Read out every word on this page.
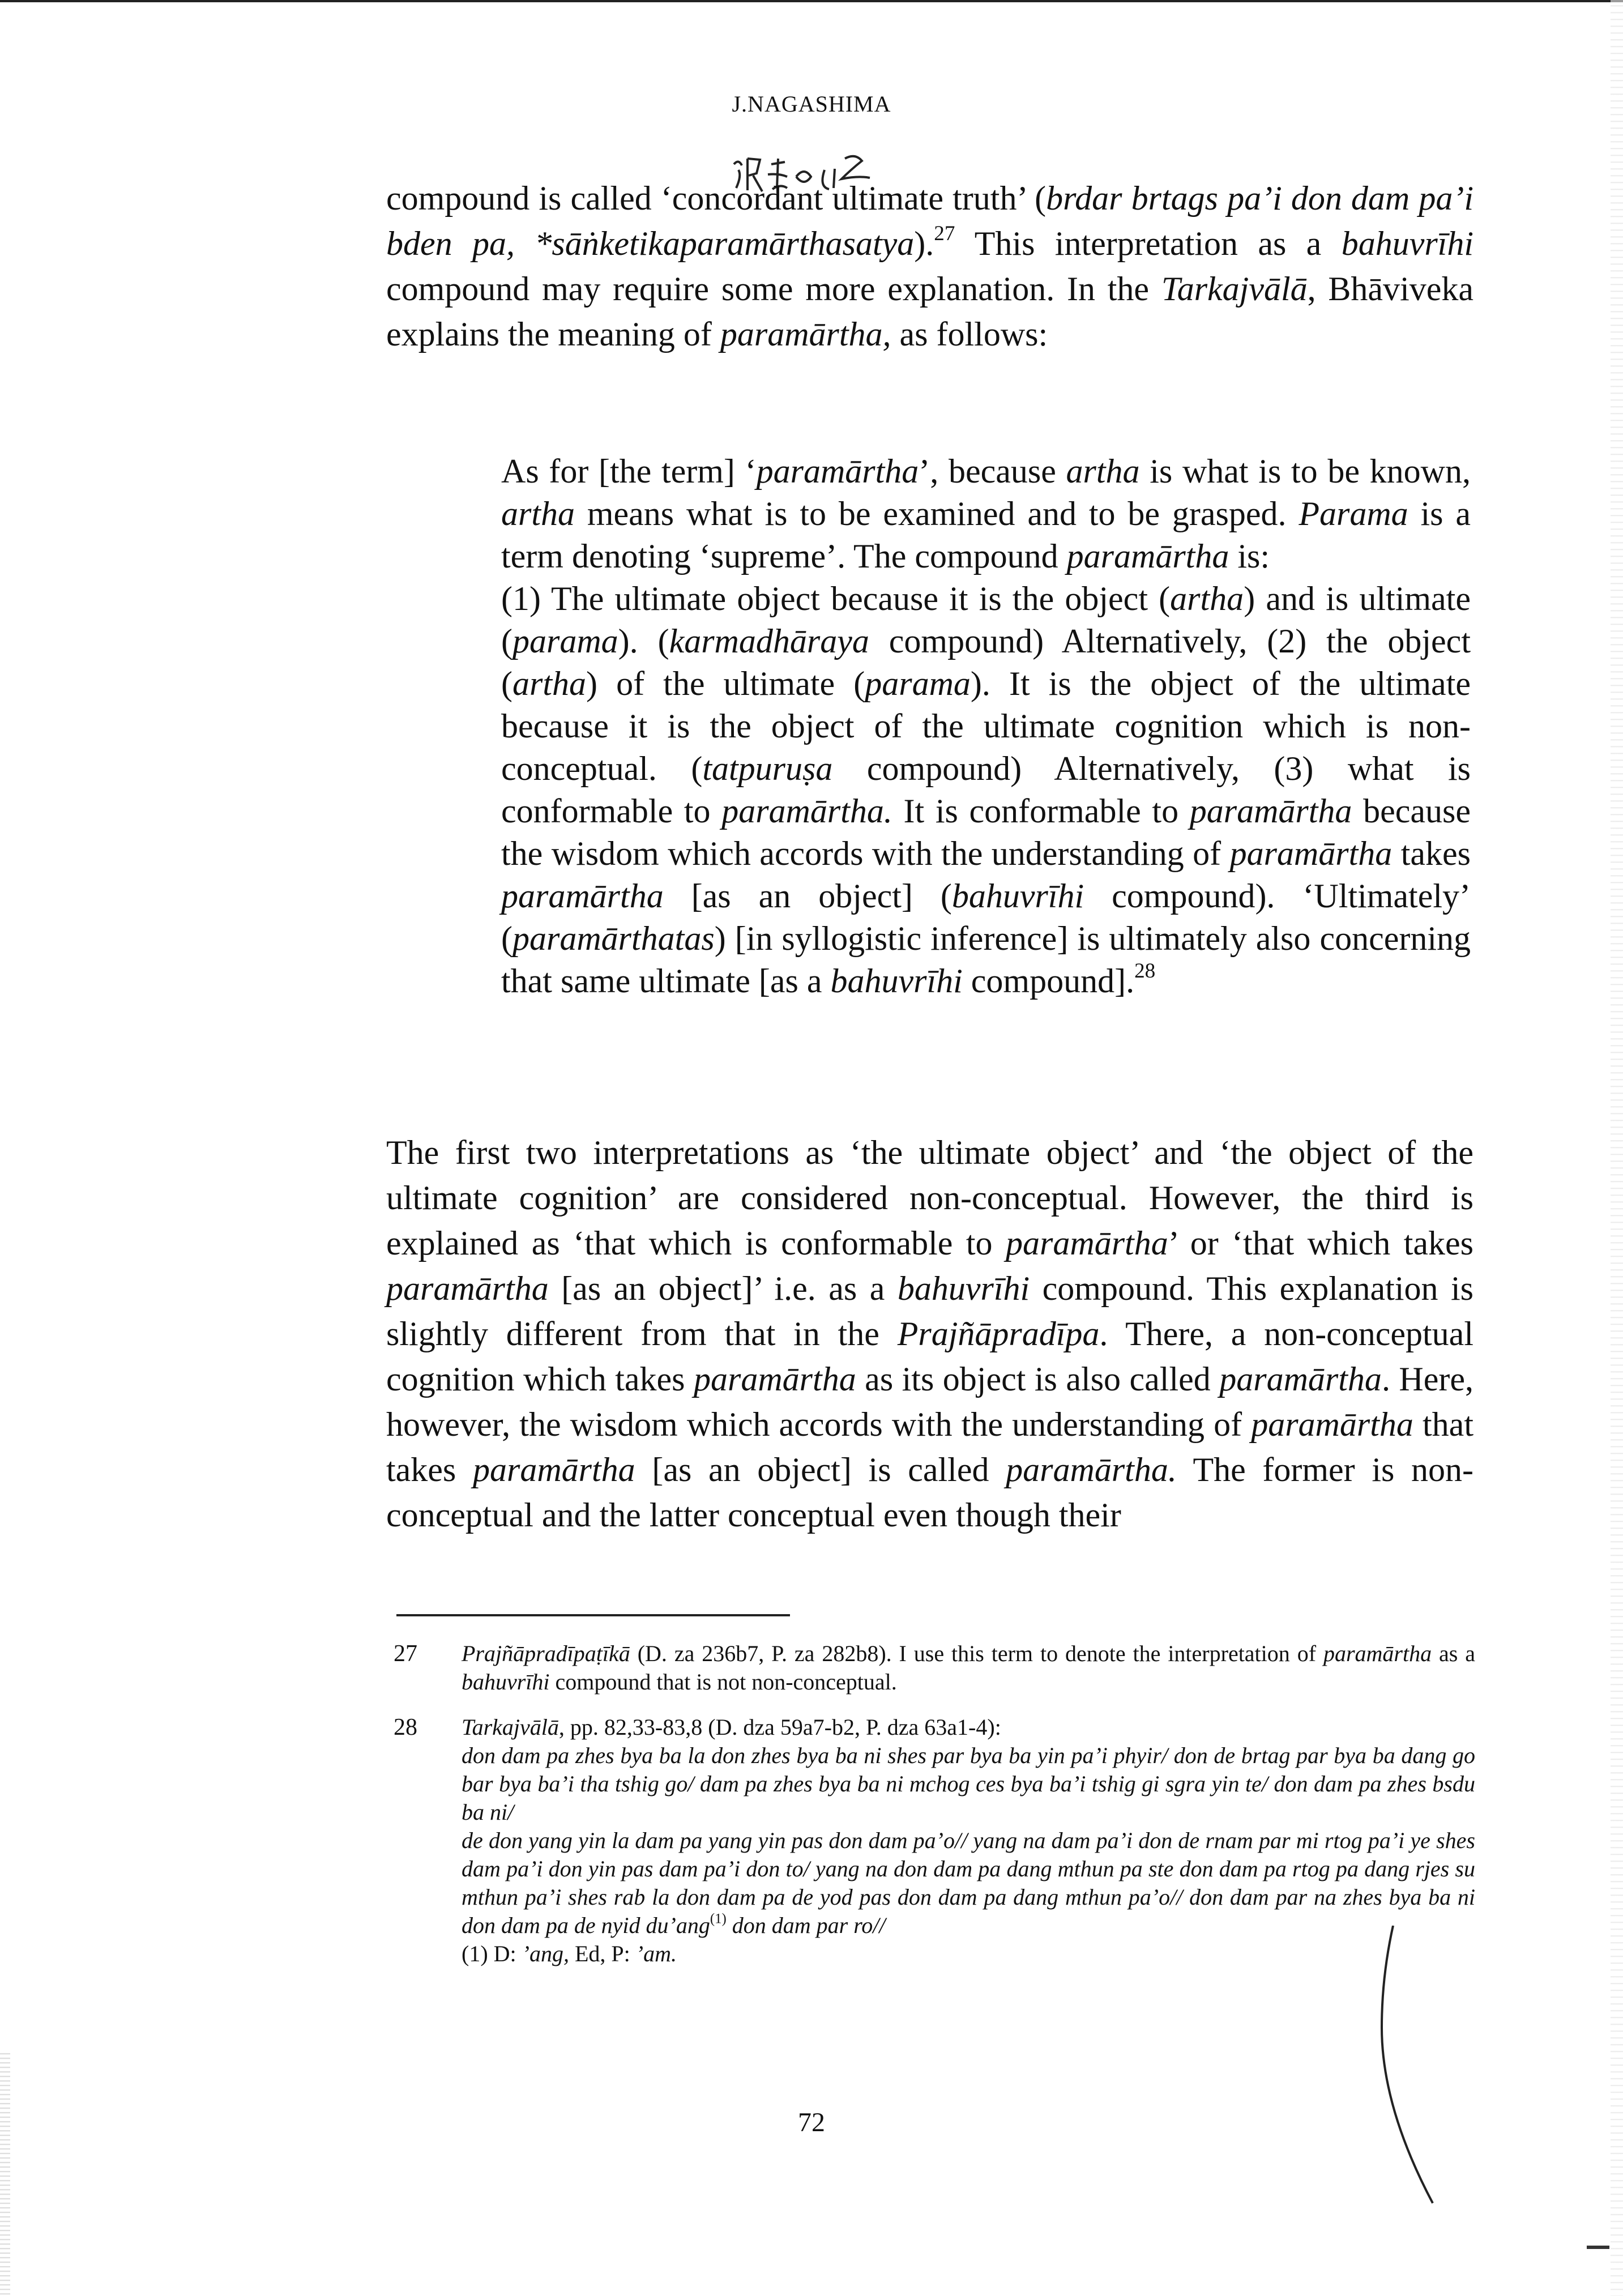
J.NAGASHIMA

compound is called ‘concordant ultimate truth’ (brdar brtags pa’i don dam pa’i bden pa, *sāṅketikaparamārthasatya).$^{27}$ This interpretation as a bahuvrīhi compound may require some more explanation. In the Tarkajvālā, Bhāviveka explains the meaning of paramārtha, as follows:

As for [the term] ‘paramārtha’, because artha is what is to be known, artha means what is to be examined and to be grasped. Parama is a term denoting ‘supreme’. The compound paramārtha is:

(1) The ultimate object because it is the object (artha) and is ultimate (parama). (karmadhāraya compound) Alternatively, (2) the object (artha) of the ultimate (parama). It is the object of the ultimate because it is the object of the ultimate cognition which is non-conceptual. (tatpuruṣa compound) Alternatively, (3) what is conformable to paramārtha. It is conformable to paramārtha because the wisdom which accords with the understanding of paramārtha takes paramārtha [as an object] (bahuvrīhi compound). ‘Ultimately’ (paramārthatas) [in syllogistic inference] is ultimately also concerning that same ultimate [as a bahuvrīhi compound].$^{28}$

The first two interpretations as ‘the ultimate object’ and ‘the object of the ultimate cognition’ are considered non-conceptual. However, the third is explained as ‘that which is conformable to paramārtha’ or ‘that which takes paramārtha [as an object]’ i.e. as a bahuvrīhi compound. This explanation is slightly different from that in the Prajñāpradīpa. There, a non-conceptual cognition which takes paramārtha as its object is also called paramārtha. Here, however, the wisdom which accords with the understanding of paramārtha that takes paramārtha [as an object] is called paramārtha. The former is non-conceptual and the latter conceptual even though their

27 Prajñāpradīpaṭīkā (D. za 236b7, P. za 282b8). I use this term to denote the interpretation of paramārtha as a bahuvrīhi compound that is not non-conceptual.

28 Tarkajvālā, pp. 82,33-83,8 (D. dza 59a7-b2, P. dza 63a1-4):

don dam pa zhes bya ba la don zhes bya ba ni shes par bya ba yin pa’i phyir/ don de brtag par bya ba dang go bar bya ba’i tha tshig go/ dam pa zhes bya ba ni mchog ces bya ba’i tshig gi sgra yin te/ don dam pa zhes bsdu ba ni/

de don yang yin la dam pa yang yin pas don dam pa’o// yang na dam pa’i don de rnam par mi rtog pa’i ye shes dam pa’i don yin pas dam pa’i don to/ yang na don dam pa dang mthun pa ste don dam pa rtog pa dang rjes su mthun pa’i shes rab la don dam pa de yod pas don dam pa dang mthun pa’o// don dam par na zhes bya ba ni don dam pa de nyid du’ang$^{(1)}$ don dam par ro//

(1) D: ’ang, Ed, P: ’am.

72
